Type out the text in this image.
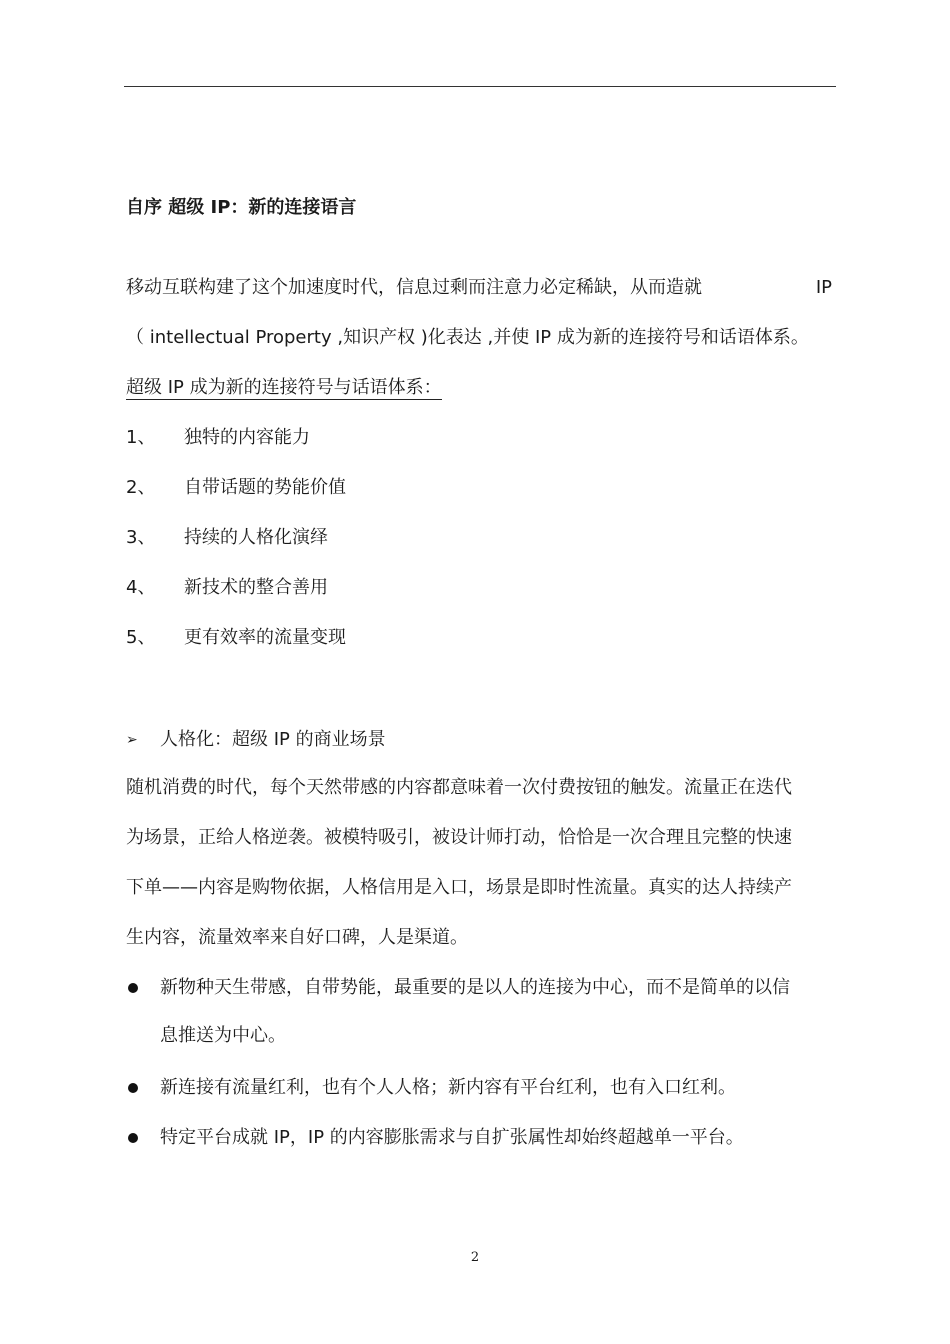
自序 超级 IP：新的连接语言
移动互联构建了这个加速度时代，信息过剩而注意力必定稀缺，从而造就	IP
（ intellectual Property ,知识产权 )化表达 ,并使 IP 成为新的连接符号和话语体系。
超级 IP 成为新的连接符号与话语体系：
1、 独特的内容能力
2、 自带话题的势能价值
3、 持续的人格化演绎
4、 新技术的整合善用
5、 更有效率的流量变现
➢ 人格化：超级 IP 的商业场景
随机消费的时代，每个天然带感的内容都意味着一次付费按钮的触发。流量正在迭代
为场景，正给人格逆袭。被模特吸引，被设计师打动，恰恰是一次合理且完整的快速
下单——内容是购物依据，人格信用是入口，场景是即时性流量。真实的达人持续产
生内容，流量效率来自好口碑，人是渠道。
新物种天生带感，自带势能，最重要的是以人的连接为中心，而不是简单的以信
息推送为中心。
新连接有流量红利，也有个人人格；新内容有平台红利，也有入口红利。
特定平台成就 IP，IP 的内容膨胀需求与自扩张属性却始终超越单一平台。
2
